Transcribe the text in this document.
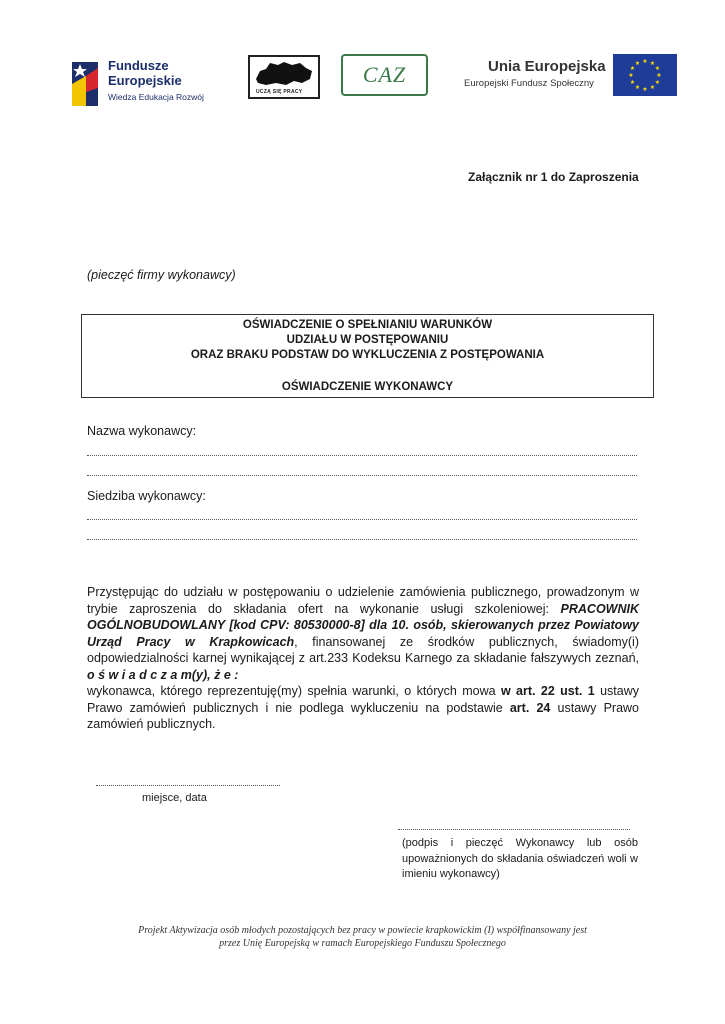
Fundusze
Europejskie
Wiedza Edukacja Rozwój	UCZĄ SIĘ PRACY
CAZ	Unia Europejska
Europejski Fundusz Społeczny
★ ★
★
★
★
★
★
★
★
★
★
★
Załącznik nr 1 do Zaproszenia
(pieczęć firmy wykonawcy)
OŚWIADCZENIE O SPEŁNIANIU WARUNKÓW
UDZIAŁU W POSTĘPOWANIU
ORAZ BRAKU PODSTAW DO WYKLUCZENIA Z POSTĘPOWANIA
OŚWIADCZENIE WYKONAWCY
Nazwa wykonawcy:
Siedziba wykonawcy:
Przystępując do udziału w postępowaniu o udzielenie zamówienia publicznego, prowadzonym w trybie zaproszenia do składania ofert na wykonanie usługi szkoleniowej: PRACOWNIK OGÓLNOBUDOWLANY [kod CPV: 80530000-8] dla 10. osób, skierowanych przez Powiatowy Urząd Pracy w Krapkowicach, finansowanej ze środków publicznych, świadomy(i) odpowiedzialności karnej wynikającej z art.233 Kodeksu Karnego za składanie fałszywych zeznań, o ś w i a d c z a m(y), ż e :
wykonawca, którego reprezentuję(my) spełnia warunki, o których mowa w art. 22 ust. 1 ustawy Prawo zamówień publicznych i nie podlega wykluczeniu na podstawie art. 24 ustawy Prawo zamówień publicznych.
miejsce, data
(podpis i pieczęć Wykonawcy lub osób upoważnionych do składania oświadczeń woli w imieniu wykonawcy)
Projekt Aktywizacja osób młodych pozostających bez pracy w powiecie krapkowickim (I) współfinansowany jest
przez Unię Europejską w ramach Europejskiego Funduszu Społecznego
